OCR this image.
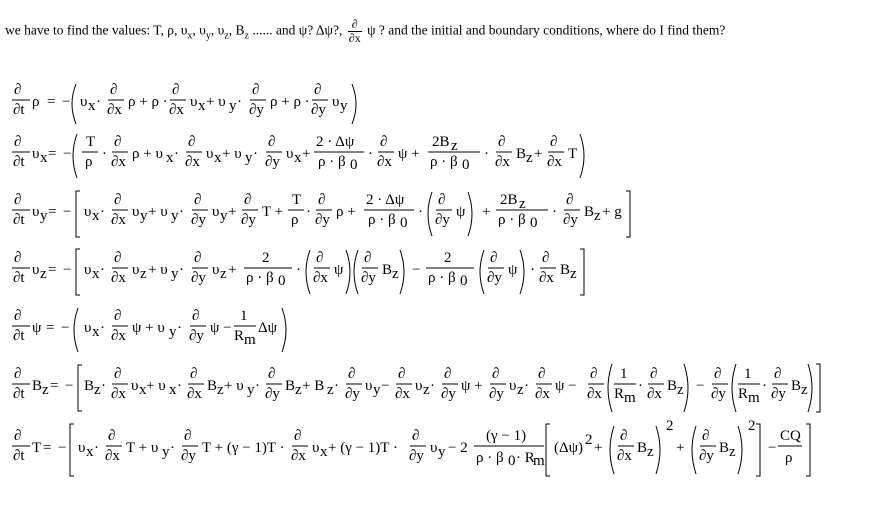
we have to find the values: T, ρ, $\upsilon_x$, $\upsilon_y$, $\upsilon_z$, $B_z$ ...... and ψ? Δψ?, $\frac{\partial}{\partial x}$ ψ ? and the initial and boundary conditions, where do I find them?
∂
∂t ρ = − υ x ·
∂
∂x ρ + ρ ·
∂
∂x υ x + υ y ·
∂
∂y ρ + ρ ·
∂
∂y υ y
∂
∂t υ x = −
T
ρ ·
∂
∂x ρ + υ x ·
∂
∂x υ x + υ y ·
∂
∂y υ x +
2 · Δψ
ρ · β 0
·
∂
∂x ψ +
2B z
ρ · β 0
·
∂
∂x B z +
∂
∂x T
∂
∂t υ y = − υ x ·
∂
∂x υ y + υ y ·
∂
∂y υ y +
∂
∂y T +
T
ρ ·
∂
∂y ρ +
2 · Δψ
ρ · β 0
·
∂
∂y ψ +
2B z
ρ · β 0
·
∂
∂y B z + g
∂
∂t υ z = − υ x ·
∂
∂x υ z + υ y ·
∂
∂y υ z +
2
ρ · β 0
·
∂
∂x ψ
∂
∂y B z −
2
ρ · β 0
∂
∂y ψ ·
∂
∂x B z
∂
∂t ψ = − υ x ·
∂
∂x ψ + υ y ·
∂
∂y ψ −
1
R m
Δψ
∂
∂t B z = − B z ·
∂
∂x υ x + υ x ·
∂
∂x B z + υ y ·
∂
∂y B z + B z ·
∂
∂y υ y −
∂
∂x υ z ·
∂
∂y ψ +
∂
∂y υ z ·
∂
∂x ψ −
∂
∂x
1
R m
·
∂
∂x B z −
∂
∂y
1
R m
·
∂
∂y B z
∂
∂t T = − υ x ·
∂
∂x T + υ y ·
∂
∂y T + (γ − 1)T ·
∂
∂x υ x + (γ − 1)T ·
∂
∂y υ y − 2
(γ − 1)
ρ · β 0 · R
m
(Δψ) 2 +
∂
∂x B z
2
+
∂
∂y B z
2
−
CQ
ρ
